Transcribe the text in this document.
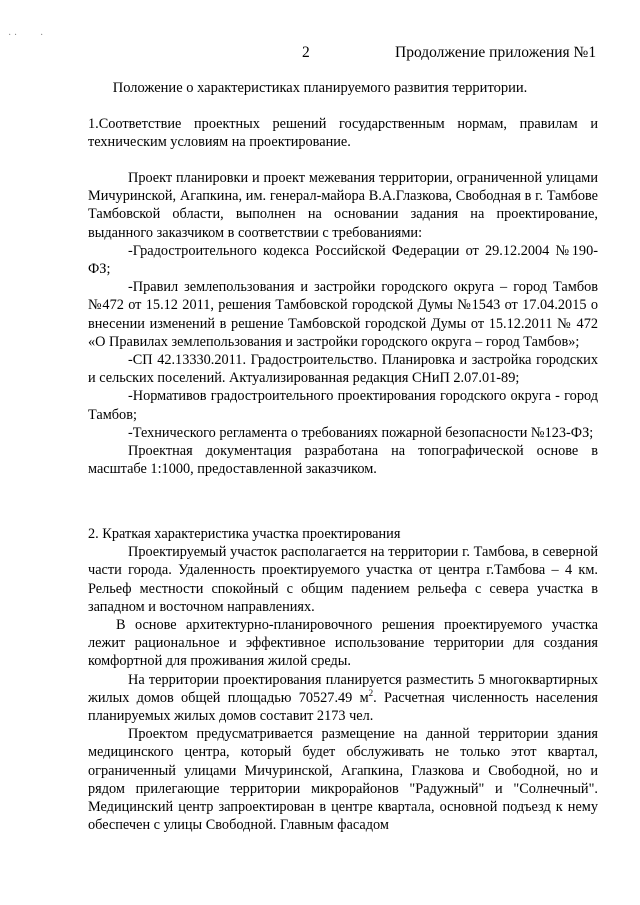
· · ·
2	Продолжение приложения №1
Положение о характеристиках планируемого развития территории.

1.Соответствие проектных решений государственным нормам, правилам и техническим условиям на проектирование.

Проект планировки и проект межевания территории, ограниченной улицами Мичуринской, Агапкина, им. генерал-майора В.А.Глазкова, Свободная в г. Тамбове Тамбовской области, выполнен на основании задания на проектирование, выданного заказчиком в соответствии с требованиями:

-Градостроительного кодекса Российской Федерации от 29.12.2004 №190-ФЗ;

-Правил землепользования и застройки городского округа – город Тамбов №472 от 15.12 2011, решения Тамбовской городской Думы №1543 от 17.04.2015 о внесении изменений в решение Тамбовской городской Думы от 15.12.2011 № 472 «О Правилах землепользования и застройки городского округа – город Тамбов»;

-СП 42.13330.2011. Градостроительство. Планировка и застройка городских и сельских поселений. Актуализированная редакция СНиП 2.07.01-89;

-Нормативов градостроительного проектирования городского округа - город Тамбов;

-Технического регламента о требованиях пожарной безопасности №123-ФЗ;

Проектная документация разработана на топографической основе в масштабе 1:1000, предоставленной заказчиком.

2. Краткая характеристика участка проектирования

Проектируемый участок располагается на территории г. Тамбова, в северной части города. Удаленность проектируемого участка от центра г.Тамбова – 4 км. Рельеф местности спокойный с общим падением рельефа с севера участка в западном и восточном направлениях.

В основе архитектурно-планировочного решения проектируемого участка лежит рациональное и эффективное использование территории для создания комфортной для проживания жилой среды.

На территории проектирования планируется разместить 5 многоквартирных жилых домов общей площадью 70527.49 $м^2$. Расчетная численность населения планируемых жилых домов составит 2173 чел.

Проектом предусматривается размещение на данной территории здания медицинского центра, который будет обслуживать не только этот квартал, ограниченный улицами Мичуринской, Агапкина, Глазкова и Свободной, но и рядом прилегающие территории микрорайонов "Радужный" и "Солнечный". Медицинский центр запроектирован в центре квартала, основной подъезд к нему обеспечен с улицы Свободной. Главным фасадом
